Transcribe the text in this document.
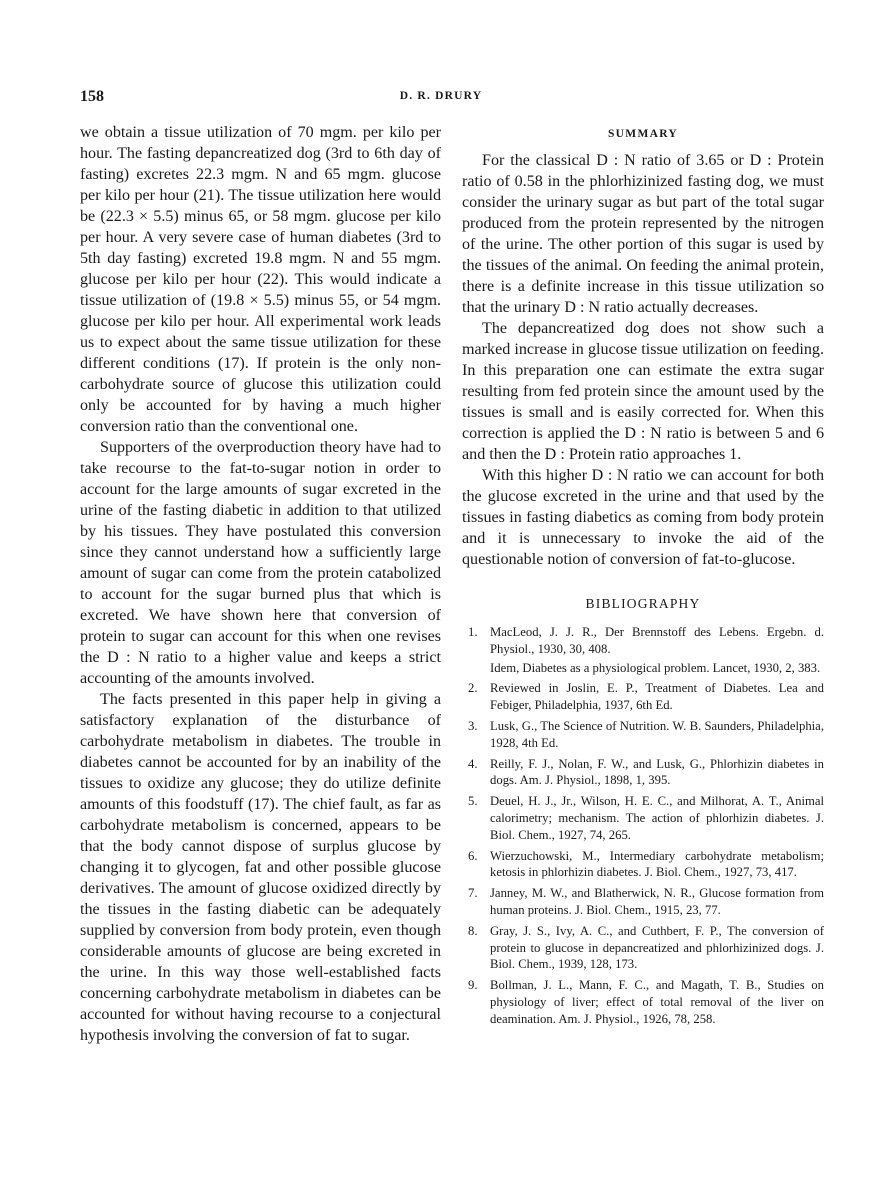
158	D. R. DRURY

we obtain a tissue utilization of 70 mgm. per kilo per hour. The fasting depancreatized dog (3rd to 6th day of fasting) excretes 22.3 mgm. N and 65 mgm. glucose per kilo per hour (21). The tissue utilization here would be (22.3 × 5.5) minus 65, or 58 mgm. glucose per kilo per hour. A very severe case of human diabetes (3rd to 5th day fasting) excreted 19.8 mgm. N and 55 mgm. glucose per kilo per hour (22). This would indicate a tissue utilization of (19.8 × 5.5) minus 55, or 54 mgm. glucose per kilo per hour. All experimental work leads us to expect about the same tissue utilization for these different conditions (17). If protein is the only non-carbohydrate source of glucose this utilization could only be accounted for by having a much higher conversion ratio than the conventional one.

Supporters of the overproduction theory have had to take recourse to the fat-to-sugar notion in order to account for the large amounts of sugar excreted in the urine of the fasting diabetic in addition to that utilized by his tissues. They have postulated this conversion since they cannot understand how a sufficiently large amount of sugar can come from the protein catabolized to account for the sugar burned plus that which is excreted. We have shown here that conversion of protein to sugar can account for this when one revises the D : N ratio to a higher value and keeps a strict accounting of the amounts involved.

The facts presented in this paper help in giving a satisfactory explanation of the disturbance of carbohydrate metabolism in diabetes. The trouble in diabetes cannot be accounted for by an inability of the tissues to oxidize any glucose; they do utilize definite amounts of this foodstuff (17). The chief fault, as far as carbohydrate metabolism is concerned, appears to be that the body cannot dispose of surplus glucose by changing it to glycogen, fat and other possible glucose derivatives. The amount of glucose oxidized directly by the tissues in the fasting diabetic can be adequately supplied by conversion from body protein, even though considerable amounts of glucose are being excreted in the urine. In this way those well-established facts concerning carbohydrate metabolism in diabetes can be accounted for without having recourse to a conjectural hypothesis involving the conversion of fat to sugar.

SUMMARY

For the classical D : N ratio of 3.65 or D : Protein ratio of 0.58 in the phlorhizinized fasting dog, we must consider the urinary sugar as but part of the total sugar produced from the protein represented by the nitrogen of the urine. The other portion of this sugar is used by the tissues of the animal. On feeding the animal protein, there is a definite increase in this tissue utilization so that the urinary D : N ratio actually decreases.

The depancreatized dog does not show such a marked increase in glucose tissue utilization on feeding. In this preparation one can estimate the extra sugar resulting from fed protein since the amount used by the tissues is small and is easily corrected for. When this correction is applied the D : N ratio is between 5 and 6 and then the D : Protein ratio approaches 1.

With this higher D : N ratio we can account for both the glucose excreted in the urine and that used by the tissues in fasting diabetics as coming from body protein and it is unnecessary to invoke the aid of the questionable notion of conversion of fat-to-glucose.

BIBLIOGRAPHY
1. MacLeod, J. J. R., Der Brennstoff des Lebens. Ergebn. d. Physiol., 1930, 30, 408.
Idem, Diabetes as a physiological problem. Lancet, 1930, 2, 383.
2. Reviewed in Joslin, E. P., Treatment of Diabetes. Lea and Febiger, Philadelphia, 1937, 6th Ed.
3. Lusk, G., The Science of Nutrition. W. B. Saunders, Philadelphia, 1928, 4th Ed.
4. Reilly, F. J., Nolan, F. W., and Lusk, G., Phlorhizin diabetes in dogs. Am. J. Physiol., 1898, 1, 395.
5. Deuel, H. J., Jr., Wilson, H. E. C., and Milhorat, A. T., Animal calorimetry; mechanism. The action of phlorhizin diabetes. J. Biol. Chem., 1927, 74, 265.
6. Wierzuchowski, M., Intermediary carbohydrate metabolism; ketosis in phlorhizin diabetes. J. Biol. Chem., 1927, 73, 417.
7. Janney, M. W., and Blatherwick, N. R., Glucose formation from human proteins. J. Biol. Chem., 1915, 23, 77.
8. Gray, J. S., Ivy, A. C., and Cuthbert, F. P., The conversion of protein to glucose in depancreatized and phlorhizinized dogs. J. Biol. Chem., 1939, 128, 173.
9. Bollman, J. L., Mann, F. C., and Magath, T. B., Studies on physiology of liver; effect of total removal of the liver on deamination. Am. J. Physiol., 1926, 78, 258.
